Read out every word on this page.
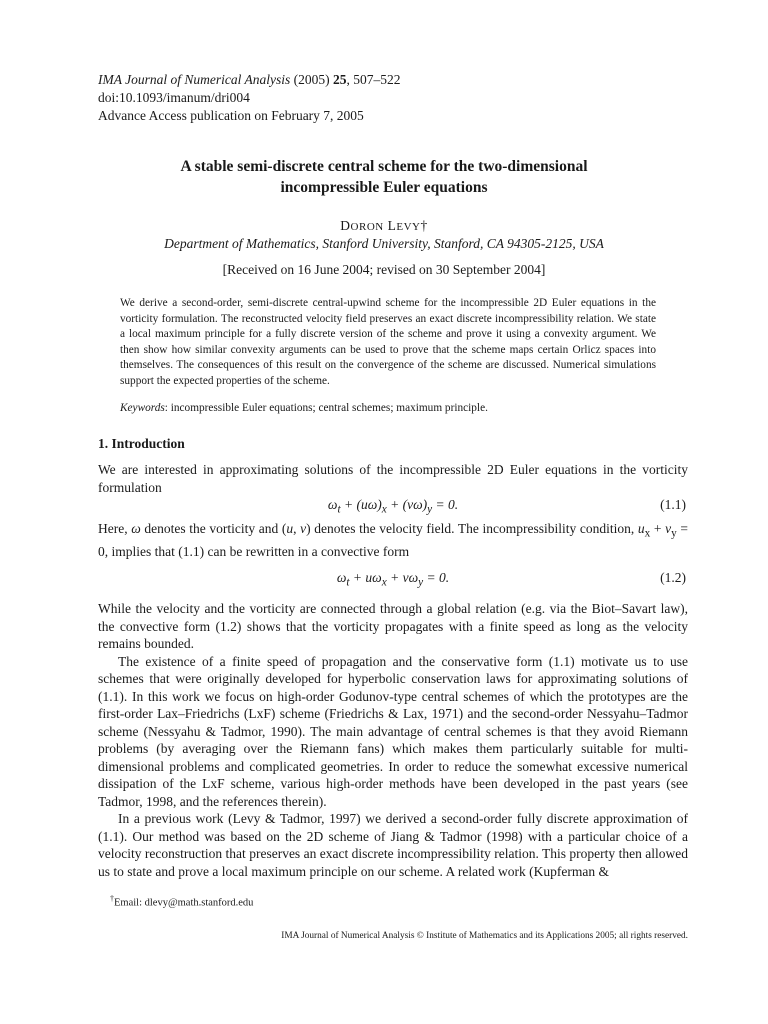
IMA Journal of Numerical Analysis (2005) 25, 507–522
doi:10.1093/imanum/dri004
Advance Access publication on February 7, 2005
A stable semi-discrete central scheme for the two-dimensional
incompressible Euler equations
DORON LEVY†
Department of Mathematics, Stanford University, Stanford, CA 94305-2125, USA
[Received on 16 June 2004; revised on 30 September 2004]
We derive a second-order, semi-discrete central-upwind scheme for the incompressible 2D Euler equations in the vorticity formulation. The reconstructed velocity field preserves an exact discrete incompressibility relation. We state a local maximum principle for a fully discrete version of the scheme and prove it using a convexity argument. We then show how similar convexity arguments can be used to prove that the scheme maps certain Orlicz spaces into themselves. The consequences of this result on the convergence of the scheme are discussed. Numerical simulations support the expected properties of the scheme.
Keywords: incompressible Euler equations; central schemes; maximum principle.
1. Introduction

We are interested in approximating solutions of the incompressible 2D Euler equations in the vorticity formulation

$\omega_t + (u\omega)_x + (v\omega)_y = 0$.	(1.1)

Here, ω denotes the vorticity and (u, v) denotes the velocity field. The incompressibility condition, $u_x + v_y = 0$, implies that (1.1) can be rewritten in a convective form

$\omega_t + u\omega_x + v\omega_y = 0$.	(1.2)

While the velocity and the vorticity are connected through a global relation (e.g. via the Biot–Savart law), the convective form (1.2) shows that the vorticity propagates with a finite speed as long as the velocity remains bounded.

The existence of a finite speed of propagation and the conservative form (1.1) motivate us to use schemes that were originally developed for hyperbolic conservation laws for approximating solutions of (1.1). In this work we focus on high-order Godunov-type central schemes of which the prototypes are the first-order Lax–Friedrichs (LxF) scheme (Friedrichs & Lax, 1971) and the second-order Nessyahu–Tadmor scheme (Nessyahu & Tadmor, 1990). The main advantage of central schemes is that they avoid Riemann problems (by averaging over the Riemann fans) which makes them particularly suitable for multi-dimensional problems and complicated geometries. In order to reduce the somewhat excessive numerical dissipation of the LxF scheme, various high-order methods have been developed in the past years (see Tadmor, 1998, and the references therein).

In a previous work (Levy & Tadmor, 1997) we derived a second-order fully discrete approximation of (1.1). Our method was based on the 2D scheme of Jiang & Tadmor (1998) with a particular choice of a velocity reconstruction that preserves an exact discrete incompressibility relation. This property then allowed us to state and prove a local maximum principle on our scheme. A related work (Kupferman &

†Email: dlevy@math.stanford.edu
IMA Journal of Numerical Analysis © Institute of Mathematics and its Applications 2005; all rights reserved.
